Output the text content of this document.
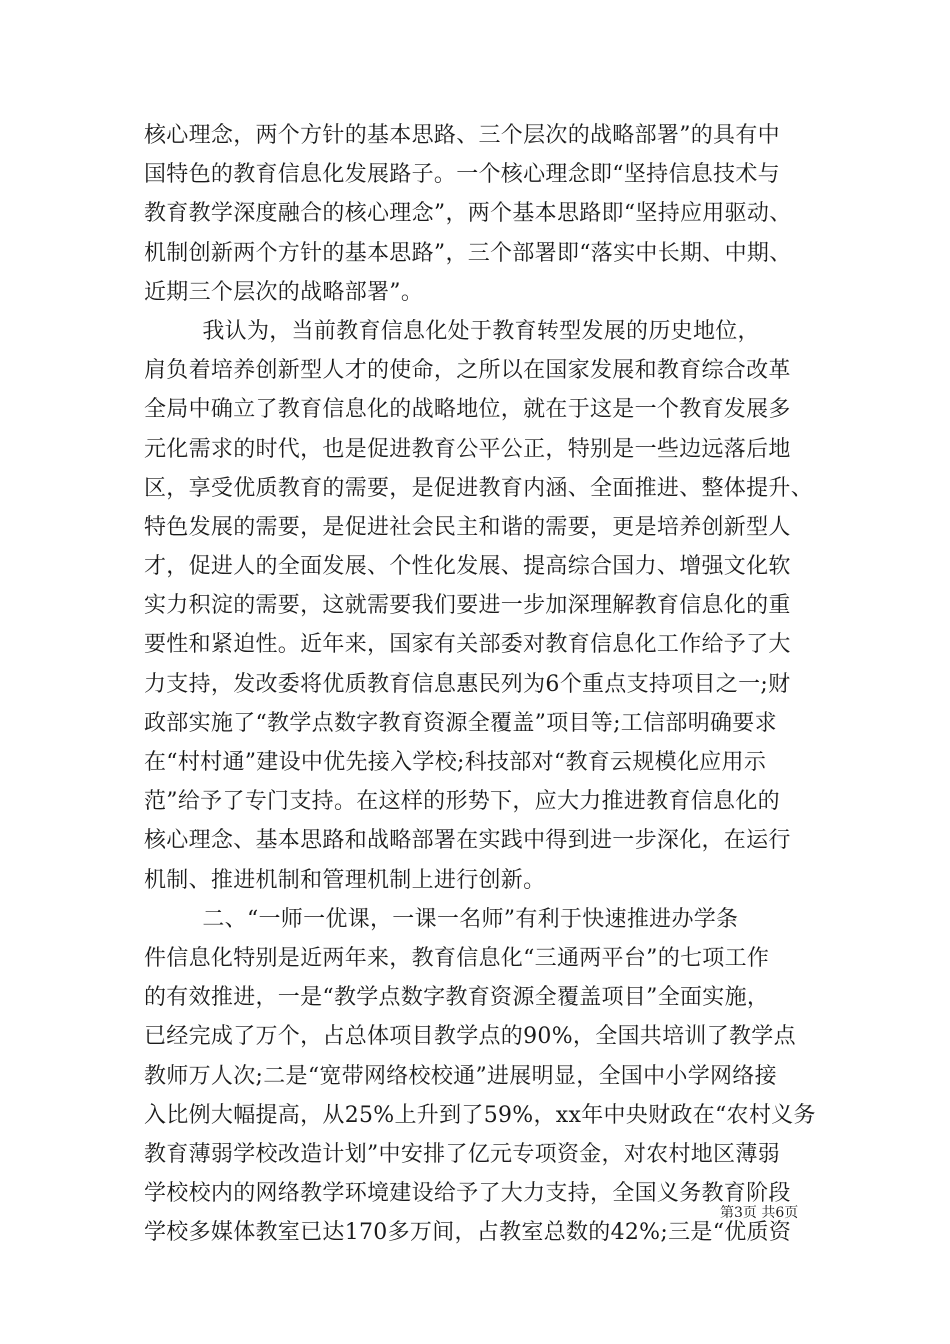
核心理念，两个方针的基本思路、三个层次的战略部署”的具有中
国特色的教育信息化发展路子。一个核心理念即“坚持信息技术与
教育教学深度融合的核心理念”，两个基本思路即“坚持应用驱动、
机制创新两个方针的基本思路”，三个部署即“落实中长期、中期、
近期三个层次的战略部署”。
我认为，当前教育信息化处于教育转型发展的历史地位，
肩负着培养创新型人才的使命，之所以在国家发展和教育综合改革
全局中确立了教育信息化的战略地位，就在于这是一个教育发展多
元化需求的时代，也是促进教育公平公正，特别是一些边远落后地
区，享受优质教育的需要，是促进教育内涵、全面推进、整体提升、
特色发展的需要，是促进社会民主和谐的需要，更是培养创新型人
才，促进人的全面发展、个性化发展、提高综合国力、增强文化软
实力积淀的需要，这就需要我们要进一步加深理解教育信息化的重
要性和紧迫性。近年来，国家有关部委对教育信息化工作给予了大
力支持，发改委将优质教育信息惠民列为6个重点支持项目之一;财
政部实施了“教学点数字教育资源全覆盖”项目等;工信部明确要求
在“村村通”建设中优先接入学校;科技部对“教育云规模化应用示
范”给予了专门支持。在这样的形势下，应大力推进教育信息化的
核心理念、基本思路和战略部署在实践中得到进一步深化，在运行
机制、推进机制和管理机制上进行创新。
二、“一师一优课，一课一名师”有利于快速推进办学条
件信息化特别是近两年来，教育信息化“三通两平台”的七项工作
的有效推进，一是“教学点数字教育资源全覆盖项目”全面实施，
已经完成了万个，占总体项目教学点的90%，全国共培训了教学点
教师万人次;二是“宽带网络校校通”进展明显，全国中小学网络接
入比例大幅提高，从25%上升到了59%，xx年中央财政在“农村义务
教育薄弱学校改造计划”中安排了亿元专项资金，对农村地区薄弱
学校校内的网络教学环境建设给予了大力支持，全国义务教育阶段
学校多媒体教室已达170多万间，占教室总数的42%;三是“优质资
第3页 共6页
